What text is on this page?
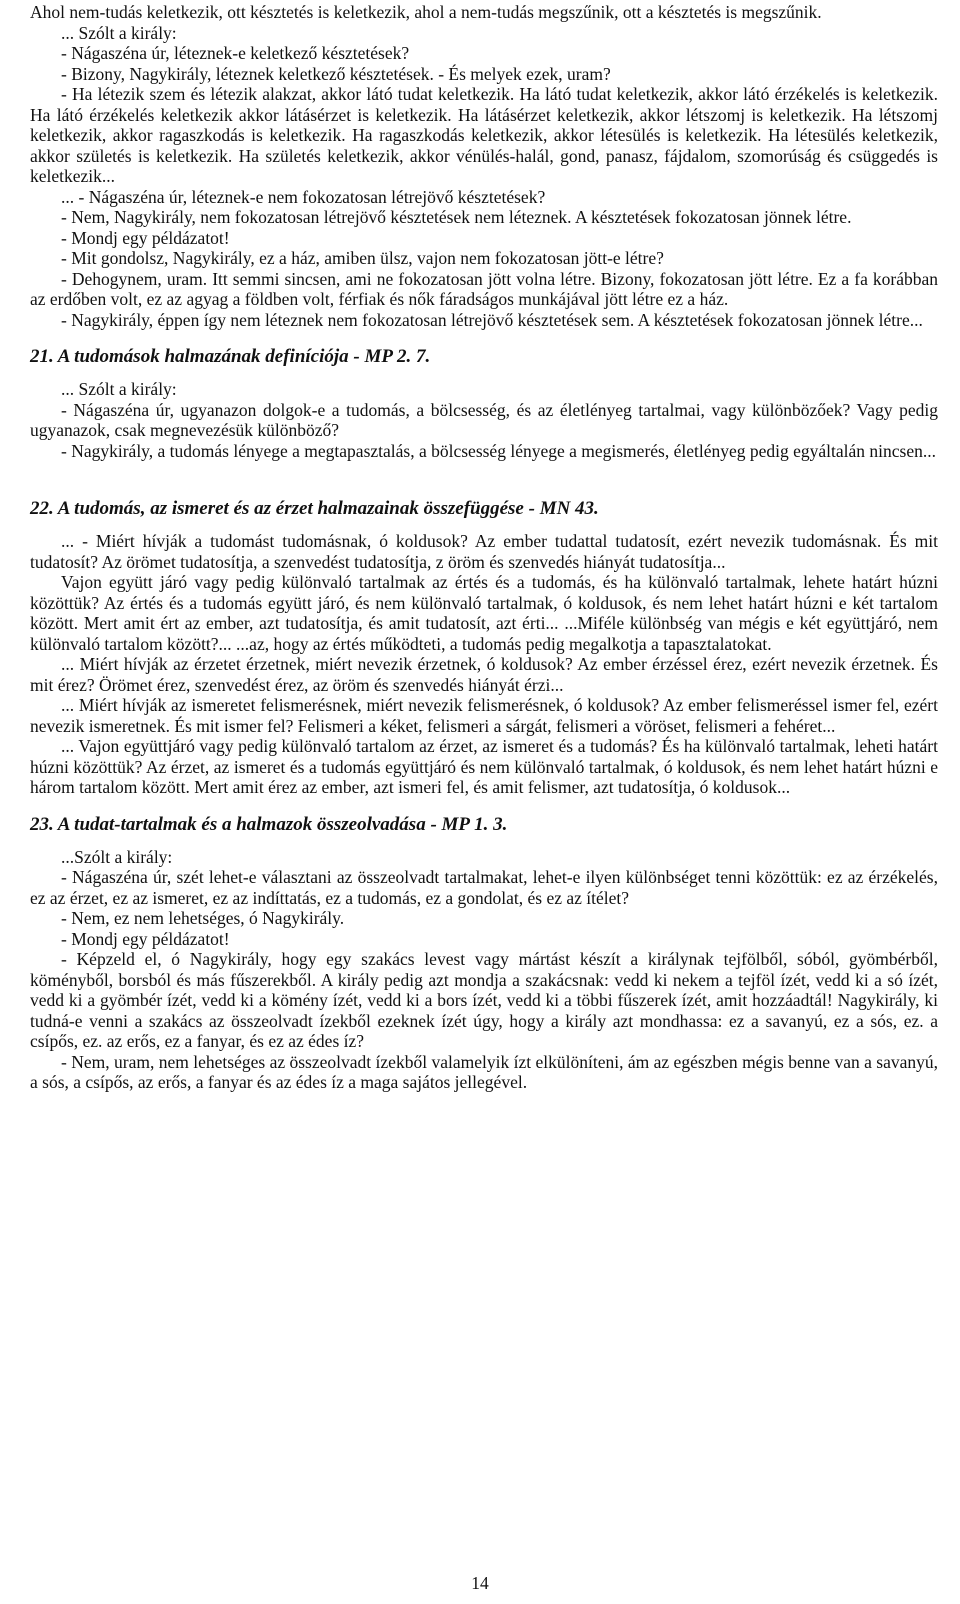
Ahol nem-tudás keletkezik, ott késztetés is keletkezik, ahol a nem-tudás megszűnik, ott a késztetés is megszűnik.

... Szólt a király:

- Nágaszéna úr, léteznek-e keletkező késztetések?

- Bizony, Nagykirály, léteznek keletkező késztetések. - És melyek ezek, uram?

- Ha létezik szem és létezik alakzat, akkor látó tudat keletkezik. Ha látó tudat keletkezik, akkor látó érzékelés is keletkezik. Ha látó érzékelés keletkezik akkor látásérzet is keletkezik. Ha látásérzet keletkezik, akkor létszomj is keletkezik. Ha létszomj keletkezik, akkor ragaszkodás is keletkezik. Ha ragaszkodás keletkezik, akkor létesülés is keletkezik. Ha létesülés keletkezik, akkor születés is keletkezik. Ha születés keletkezik, akkor vénülés-halál, gond, panasz, fájdalom, szomorúság és csüggedés is keletkezik...

... - Nágaszéna úr, léteznek-e nem fokozatosan létrejövő késztetések?

- Nem, Nagykirály, nem fokozatosan létrejövő késztetések nem léteznek. A késztetések fokozatosan jönnek létre.

- Mondj egy példázatot!

- Mit gondolsz, Nagykirály, ez a ház, amiben ülsz, vajon nem fokozatosan jött-e létre?

- Dehogynem, uram. Itt semmi sincsen, ami ne fokozatosan jött volna létre. Bizony, fokozatosan jött létre. Ez a fa korábban az erdőben volt, ez az agyag a földben volt, férfiak és nők fáradságos munkájával jött létre ez a ház.

- Nagykirály, éppen így nem léteznek nem fokozatosan létrejövő késztetések sem. A késztetések fokozatosan jönnek létre...

21. A tudomások halmazának definíciója - MP 2. 7.

... Szólt a király:

- Nágaszéna úr, ugyanazon dolgok-e a tudomás, a bölcsesség, és az életlényeg tartalmai, vagy különbözőek? Vagy pedig ugyanazok, csak megnevezésük különböző?

- Nagykirály, a tudomás lényege a megtapasztalás, a bölcsesség lényege a megismerés, életlényeg pedig egyáltalán nincsen...

22. A tudomás, az ismeret és az érzet halmazainak összefüggése - MN 43.

... - Miért hívják a tudomást tudomásnak, ó koldusok? Az ember tudattal tudatosít, ezért nevezik tudomásnak. És mit tudatosít? Az örömet tudatosítja, a szenvedést tudatosítja, z öröm és szenvedés hiányát tudatosítja...

Vajon együtt járó vagy pedig különvaló tartalmak az értés és a tudomás, és ha különvaló tartalmak, lehete határt húzni közöttük? Az értés és a tudomás együtt járó, és nem különvaló tartalmak, ó koldusok, és nem lehet határt húzni e két tartalom között. Mert amit ért az ember, azt tudatosítja, és amit tudatosít, azt érti... ...Miféle különbség van mégis e két együttjáró, nem különvaló tartalom között?... ...az, hogy az értés működteti, a tudomás pedig megalkotja a tapasztalatokat.

... Miért hívják az érzetet érzetnek, miért nevezik érzetnek, ó koldusok? Az ember érzéssel érez, ezért nevezik érzetnek. És mit érez? Örömet érez, szenvedést érez, az öröm és szenvedés hiányát érzi...

... Miért hívják az ismeretet felismerésnek, miért nevezik felismerésnek, ó koldusok? Az ember felismeréssel ismer fel, ezért nevezik ismeretnek. És mit ismer fel? Felismeri a kéket, felismeri a sárgát, felismeri a vöröset, felismeri a fehéret...

... Vajon együttjáró vagy pedig különvaló tartalom az érzet, az ismeret és a tudomás? És ha különvaló tartalmak, leheti határt húzni közöttük? Az érzet, az ismeret és a tudomás együttjáró és nem különvaló tartalmak, ó koldusok, és nem lehet határt húzni e három tartalom között. Mert amit érez az ember, azt ismeri fel, és amit felismer, azt tudatosítja, ó koldusok...

23. A tudat-tartalmak és a halmazok összeolvadása - MP 1. 3.

...Szólt a király:

- Nágaszéna úr, szét lehet-e választani az összeolvadt tartalmakat, lehet-e ilyen különbséget tenni közöttük: ez az érzékelés, ez az érzet, ez az ismeret, ez az indíttatás, ez a tudomás, ez a gondolat, és ez az ítélet?

- Nem, ez nem lehetséges, ó Nagykirály.

- Mondj egy példázatot!

- Képzeld el, ó Nagykirály, hogy egy szakács levest vagy mártást készít a királynak tejfölből, sóból, gyömbérből, köményből, borsból és más fűszerekből. A király pedig azt mondja a szakácsnak: vedd ki nekem a tejföl ízét, vedd ki a só ízét, vedd ki a gyömbér ízét, vedd ki a kömény ízét, vedd ki a bors ízét, vedd ki a többi fűszerek ízét, amit hozzáadtál! Nagykirály, ki tudná-e venni a szakács az összeolvadt ízekből ezeknek ízét úgy, hogy a király azt mondhassa: ez a savanyú, ez a sós, ez. a csípős, ez. az erős, ez a fanyar, és ez az édes íz?

- Nem, uram, nem lehetséges az összeolvadt ízekből valamelyik ízt elkülöníteni, ám az egészben mégis benne van a savanyú, a sós, a csípős, az erős, a fanyar és az édes íz a maga sajátos jellegével.

14
